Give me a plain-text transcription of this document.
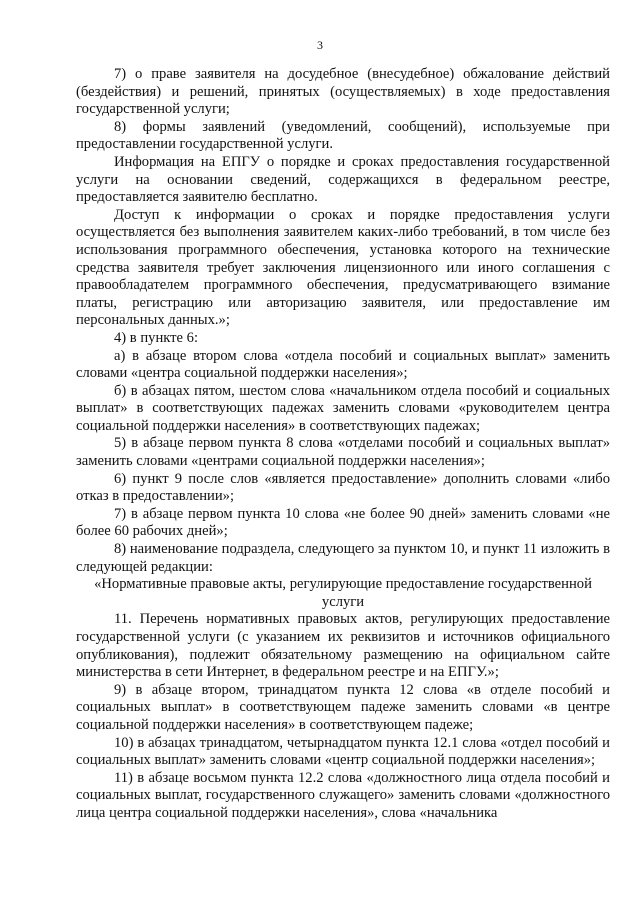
3

7) о праве заявителя на досудебное (внесудебное) обжалование действий (бездействия) и решений, принятых (осуществляемых) в ходе предоставления государственной услуги;

8) формы заявлений (уведомлений, сообщений), используемые при предоставлении государственной услуги.

Информация на ЕПГУ о порядке и сроках предоставления государственной услуги на основании сведений, содержащихся в федеральном реестре, предоставляется заявителю бесплатно.

Доступ к информации о сроках и порядке предоставления услуги осуществляется без выполнения заявителем каких-либо требований, в том числе без использования программного обеспечения, установка которого на технические средства заявителя требует заключения лицензионного или иного соглашения с правообладателем программного обеспечения, предусматривающего взимание платы, регистрацию или авторизацию заявителя, или предоставление им персональных данных.»;

4) в пункте 6:

а) в абзаце втором слова «отдела пособий и социальных выплат» заменить словами «центра социальной поддержки населения»;

б) в абзацах пятом, шестом слова «начальником отдела пособий и социальных выплат» в соответствующих падежах заменить словами «руководителем центра социальной поддержки населения» в соответствующих падежах;

5) в абзаце первом пункта 8 слова «отделами пособий и социальных выплат» заменить словами «центрами социальной поддержки населения»;

6) пункт 9 после слов «является предоставление» дополнить словами «либо отказ в предоставлении»;

7) в абзаце первом пункта 10 слова «не более 90 дней» заменить словами «не более 60 рабочих дней»;

8) наименование подраздела, следующего за пунктом 10, и пункт 11 изложить в следующей редакции:

«Нормативные правовые акты, регулирующие предоставление государственной услуги

11. Перечень нормативных правовых актов, регулирующих предоставление государственной услуги (с указанием их реквизитов и источников официального опубликования), подлежит обязательному размещению на официальном сайте министерства в сети Интернет, в федеральном реестре и на ЕПГУ.»;

9) в абзаце втором, тринадцатом пункта 12 слова «в отделе пособий и социальных выплат» в соответствующем падеже заменить словами «в центре социальной поддержки населения» в соответствующем падеже;

10) в абзацах тринадцатом, четырнадцатом пункта 12.1 слова «отдел пособий и социальных выплат» заменить словами «центр социальной поддержки населения»;

11) в абзаце восьмом пункта 12.2 слова «должностного лица отдела пособий и социальных выплат, государственного служащего» заменить словами «должностного лица центра социальной поддержки населения», слова «начальника
